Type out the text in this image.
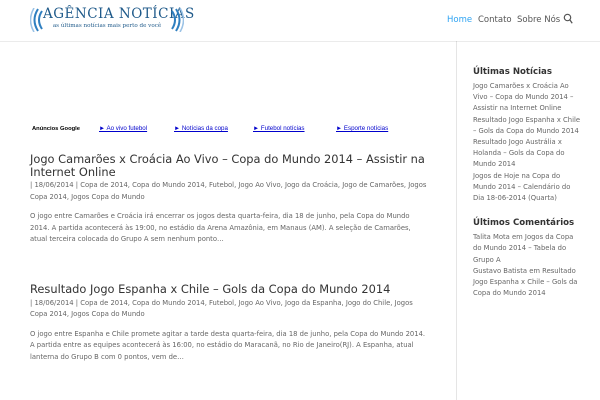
AGÊNCIA NOTÍCIAS
as últimas notícias mais perto de você
Home Contato Sobre Nós
Anúncios Google	► Ao vivo futebol	► Notícias da copa	► Futebol notícias	► Esporte notícias
Jogo Camarões x Croácia Ao Vivo – Copa do Mundo 2014 – Assistir na Internet Online
| 18/06/2014 | Copa de 2014, Copa do Mundo 2014, Futebol, Jogo Ao Vivo, Jogo da Croácia, Jogo de Camarões, Jogos Copa 2014, Jogos Copa do Mundo

O jogo entre Camarões e Croácia irá encerrar os jogos desta quarta-feira, dia 18 de junho, pela Copa do Mundo 2014. A partida acontecerá às 19:00, no estádio da Arena Amazônia, em Manaus (AM). A seleção de Camarões, atual terceira colocada do Grupo A sem nenhum ponto…

Resultado Jogo Espanha x Chile – Gols da Copa do Mundo 2014
| 18/06/2014 | Copa de 2014, Copa do Mundo 2014, Futebol, Jogo Ao Vivo, Jogo da Espanha, Jogo do Chile, Jogos Copa 2014, Jogos Copa do Mundo

O jogo entre Espanha e Chile promete agitar a tarde desta quarta-feira, dia 18 de junho, pela Copa do Mundo 2014. A partida entre as equipes acontecerá às 16:00, no estádio do Maracanã, no Rio de Janeiro(RJ). A Espanha, atual lanterna do Grupo B com 0 pontos, vem de…

Últimas Notícias
Jogo Camarões x Croácia Ao Vivo – Copa do Mundo 2014 – Assistir na Internet Online
Resultado Jogo Espanha x Chile – Gols da Copa do Mundo 2014
Resultado Jogo Austrália x Holanda – Gols da Copa do Mundo 2014
Jogos de Hoje na Copa do Mundo 2014 – Calendário do Dia 18-06-2014 (Quarta)
Últimos Comentários
Talita Mota em Jogos da Copa do Mundo 2014 – Tabela do Grupo A
Gustavo Batista em Resultado Jogo Espanha x Chile – Gols da Copa do Mundo 2014
